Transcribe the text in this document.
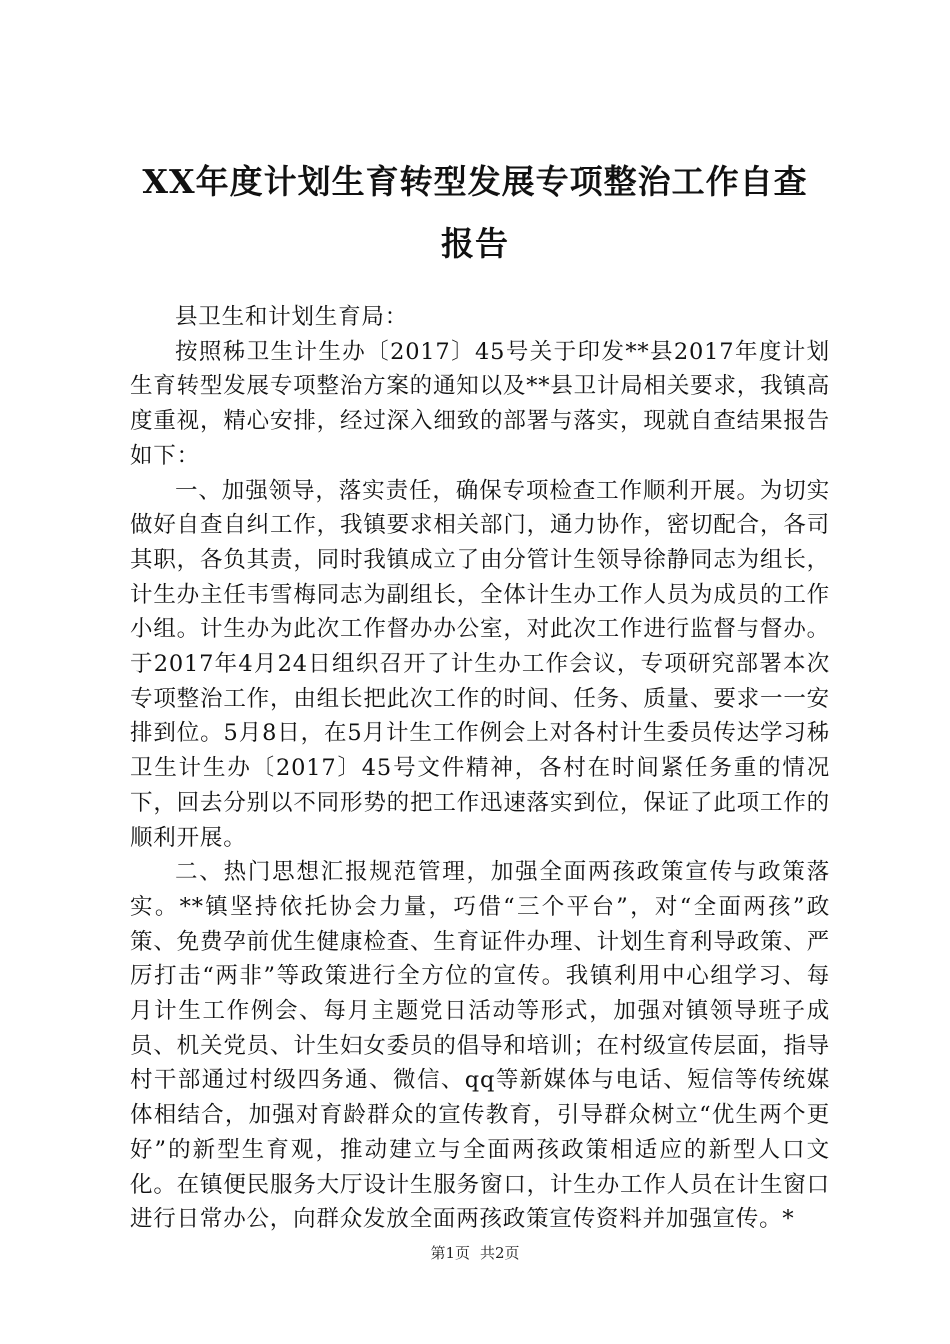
XX年度计划生育转型发展专项整治工作自查
报告

县卫生和计划生育局：

按照秭卫生计生办〔2017〕45号关于印发**县2017年度计划生育转型发展专项整治方案的通知以及**县卫计局相关要求，我镇高度重视，精心安排，经过深入细致的部署与落实，现就自查结果报告如下：

一、加强领导，落实责任，确保专项检查工作顺利开展。为切实做好自查自纠工作，我镇要求相关部门，通力协作，密切配合，各司其职，各负其责，同时我镇成立了由分管计生领导徐静同志为组长，计生办主任韦雪梅同志为副组长，全体计生办工作人员为成员的工作小组。计生办为此次工作督办办公室，对此次工作进行监督与督办。于2017年4月24日组织召开了计生办工作会议，专项研究部署本次专项整治工作，由组长把此次工作的时间、任务、质量、要求一一安排到位。5月8日，在5月计生工作例会上对各村计生委员传达学习秭卫生计生办〔2017〕45号文件精神，各村在时间紧任务重的情况下，回去分别以不同形势的把工作迅速落实到位，保证了此项工作的顺利开展。

二、热门思想汇报规范管理，加强全面两孩政策宣传与政策落实。**镇坚持依托协会力量，巧借“三个平台”，对“全面两孩”政策、免费孕前优生健康检查、生育证件办理、计划生育利导政策、严厉打击“两非”等政策进行全方位的宣传。我镇利用中心组学习、每月计生工作例会、每月主题党日活动等形式，加强对镇领导班子成员、机关党员、计生妇女委员的倡导和培训；在村级宣传层面，指导村干部通过村级四务通、微信、qq等新媒体与电话、短信等传统媒体相结合，加强对育龄群众的宣传教育，引导群众树立“优生两个更好”的新型生育观，推动建立与全面两孩政策相适应的新型人口文化。在镇便民服务大厅设计生服务窗口，计生办工作人员在计生窗口进行日常办公，向群众发放全面两孩政策宣传资料并加强宣传。*

第1页 共2页
